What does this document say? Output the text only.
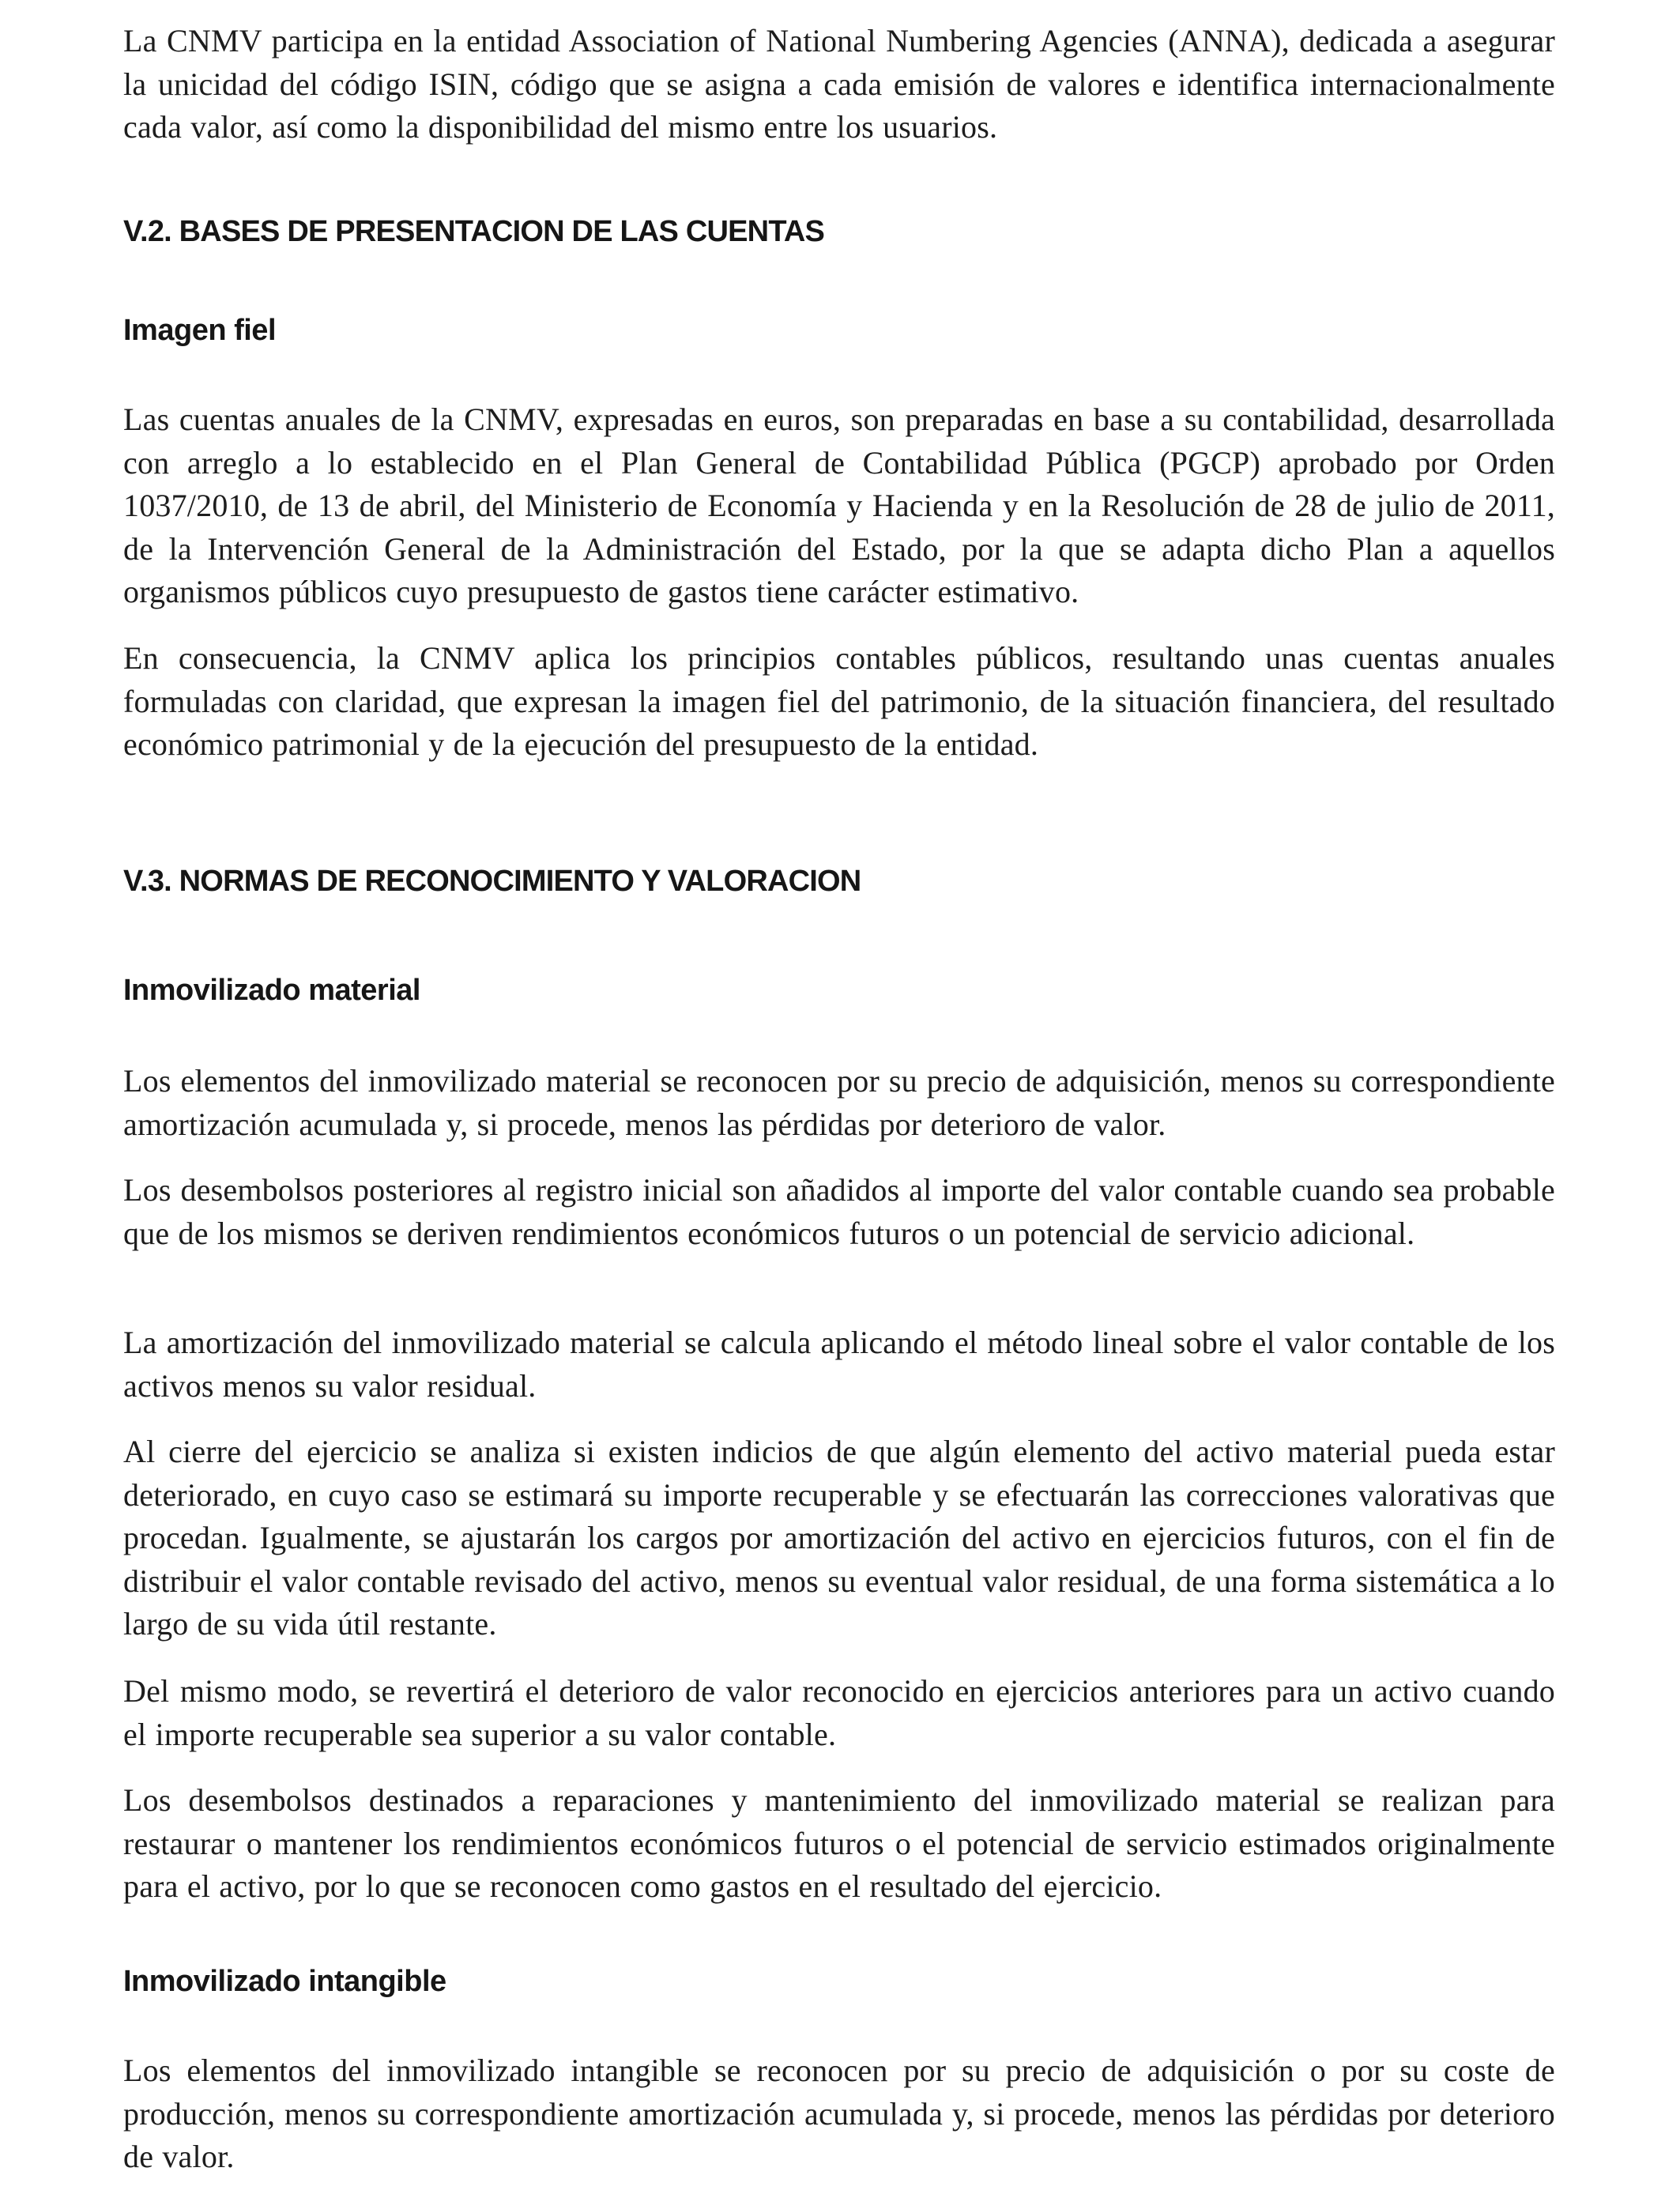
La CNMV participa en la entidad Association of National Numbering Agencies (ANNA), dedicada a asegurar la unicidad del código ISIN, código que se asigna a cada emisión de valores e identifica internacionalmente cada valor, así como la disponibilidad del mismo entre los usuarios.

V.2. BASES DE PRESENTACION DE LAS CUENTAS
Imagen fiel

Las cuentas anuales de la CNMV, expresadas en euros, son preparadas en base a su contabilidad, desarrollada con arreglo a lo establecido en el Plan General de Contabilidad Pública (PGCP) aprobado por Orden 1037/2010, de 13 de abril, del Ministerio de Economía y Hacienda y en la Resolución de 28 de julio de 2011, de la Intervención General de la Administración del Estado, por la que se adapta dicho Plan a aquellos organismos públicos cuyo presupuesto de gastos tiene carácter estimativo.

En consecuencia, la CNMV aplica los principios contables públicos, resultando unas cuentas anuales formuladas con claridad, que expresan la imagen fiel del patrimonio, de la situación financiera, del resultado económico patrimonial y de la ejecución del presupuesto de la entidad.

V.3. NORMAS DE RECONOCIMIENTO Y VALORACION
Inmovilizado material

Los elementos del inmovilizado material se reconocen por su precio de adquisición, menos su correspondiente amortización acumulada y, si procede, menos las pérdidas por deterioro de valor.

Los desembolsos posteriores al registro inicial son añadidos al importe del valor contable cuando sea probable que de los mismos se deriven rendimientos económicos futuros o un potencial de servicio adicional.

La amortización del inmovilizado material se calcula aplicando el método lineal sobre el valor contable de los activos menos su valor residual.

Al cierre del ejercicio se analiza si existen indicios de que algún elemento del activo material pueda estar deteriorado, en cuyo caso se estimará su importe recuperable y se efectuarán las correcciones valorativas que procedan. Igualmente, se ajustarán los cargos por amortización del activo en ejercicios futuros, con el fin de distribuir el valor contable revisado del activo, menos su eventual valor residual, de una forma sistemática a lo largo de su vida útil restante.

Del mismo modo, se revertirá el deterioro de valor reconocido en ejercicios anteriores para un activo cuando el importe recuperable sea superior a su valor contable.

Los desembolsos destinados a reparaciones y mantenimiento del inmovilizado material se realizan para restaurar o mantener los rendimientos económicos futuros o el potencial de servicio estimados originalmente para el activo, por lo que se reconocen como gastos en el resultado del ejercicio.

Inmovilizado intangible

Los elementos del inmovilizado intangible se reconocen por su precio de adquisición o por su coste de producción, menos su correspondiente amortización acumulada y, si procede, menos las pérdidas por deterioro de valor.
